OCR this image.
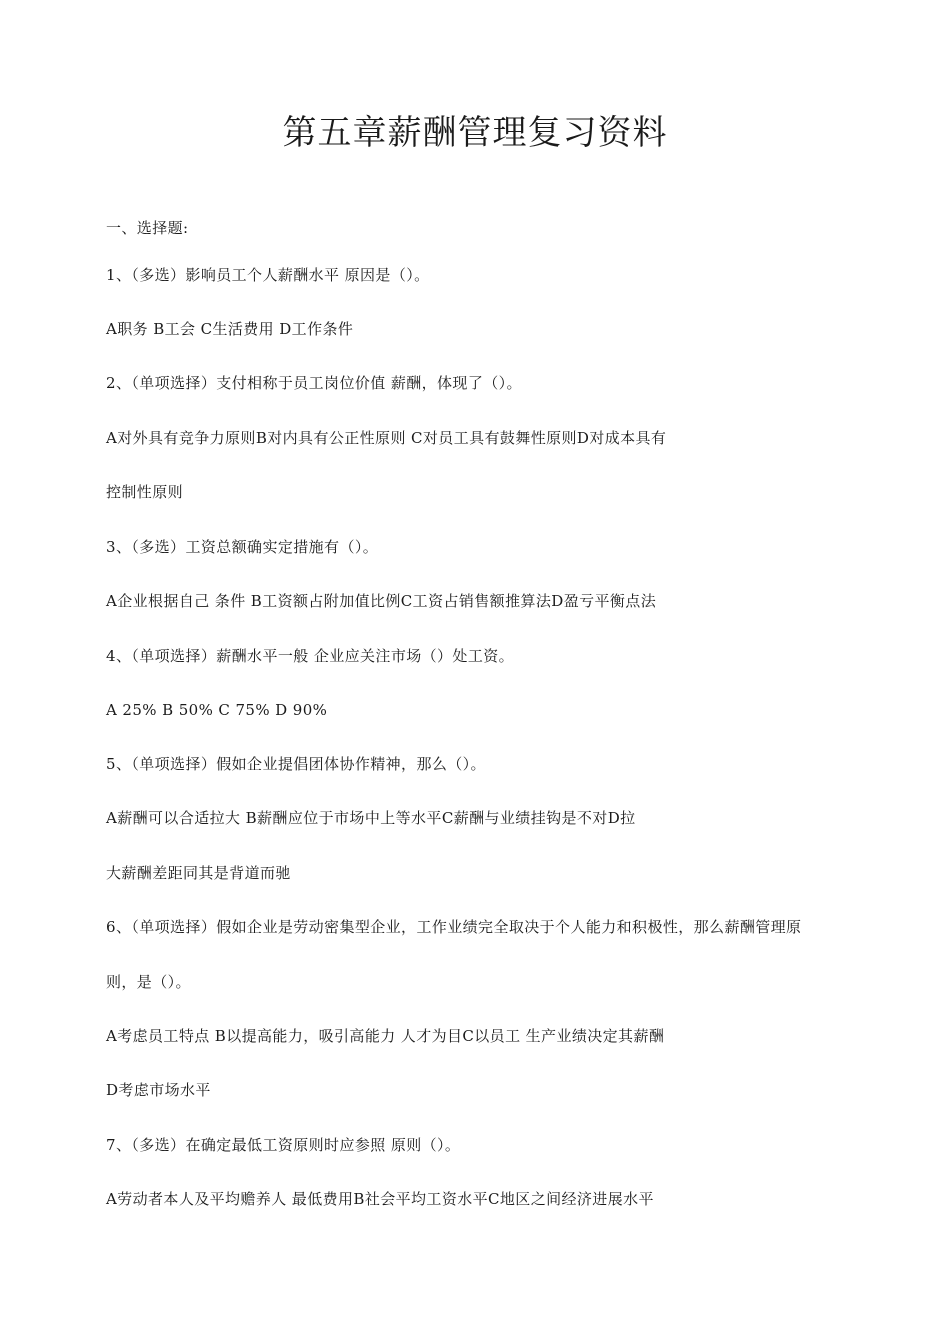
第五章薪酬管理复习资料

一、选择题:

1、（多选）影响员工个人薪酬水平 原因是（）。

A职务 B工会 C生活费用 D工作条件

2、（单项选择）支付相称于员工岗位价值 薪酬，体现了（）。

A对外具有竞争力原则B对内具有公正性原则 C对员工具有鼓舞性原则D对成本具有

控制性原则

3、（多选）工资总额确实定措施有（）。

A企业根据自己 条件 B工资额占附加值比例C工资占销售额推算法D盈亏平衡点法

4、（单项选择）薪酬水平一般 企业应关注市场（）处工资。

A 25% B 50% C 75% D 90%

5、（单项选择）假如企业提倡团体协作精神，那么（）。

A薪酬可以合适拉大 B薪酬应位于市场中上等水平C薪酬与业绩挂钩是不对D拉

大薪酬差距同其是背道而驰

6、（单项选择）假如企业是劳动密集型企业，工作业绩完全取决于个人能力和积极性，那么薪酬管理原

则，是（）。

A考虑员工特点 B以提高能力，吸引高能力 人才为目C以员工 生产业绩决定其薪酬

D考虑市场水平

7、（多选）在确定最低工资原则时应参照 原则（）。

A劳动者本人及平均赡养人 最低费用B社会平均工资水平C地区之间经济进展水平
